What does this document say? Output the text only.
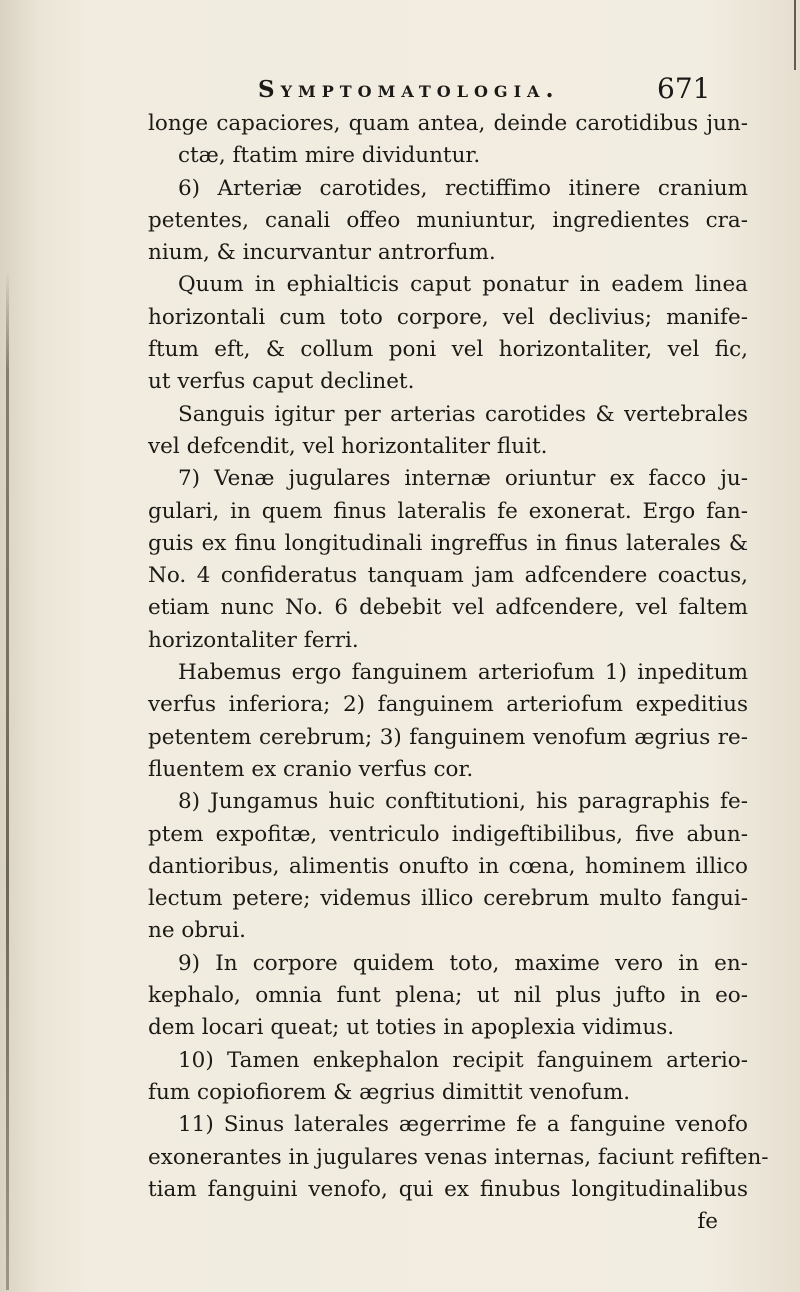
Symptomatologia.	671
longe capaciores, quam antea, deinde carotidibus jun-
ctæ, ftatim mire dividuntur.
6) Arteriæ carotides, rectiffimo itinere cranium
petentes, canali offeo muniuntur, ingredientes cra-
nium, & incurvantur antrorfum.
Quum in ephialticis caput ponatur in eadem linea
horizontali cum toto corpore, vel declivius; manife-
ftum eft, & collum poni vel horizontaliter, vel fic,
ut verfus caput declinet.
Sanguis igitur per arterias carotides & vertebrales
vel defcendit, vel horizontaliter fluit.
7) Venæ jugulares internæ oriuntur ex facco ju-
gulari, in quem finus lateralis fe exonerat. Ergo fan-
guis ex finu longitudinali ingreffus in finus laterales &
No. 4 confideratus tanquam jam adfcendere coactus,
etiam nunc No. 6 debebit vel adfcendere, vel faltem
horizontaliter ferri.
Habemus ergo fanguinem arteriofum 1) inpeditum
verfus inferiora; 2) fanguinem arteriofum expeditius
petentem cerebrum; 3) fanguinem venofum ægrius re-
fluentem ex cranio verfus cor.
8) Jungamus huic conftitutioni, his paragraphis fe-
ptem expofitæ, ventriculo indigeftibilibus, five abun-
dantioribus, alimentis onufto in cœna, hominem illico
lectum petere; videmus illico cerebrum multo fangui-
ne obrui.
9) In corpore quidem toto, maxime vero in en-
kephalo, omnia funt plena; ut nil plus jufto in eo-
dem locari queat; ut toties in apoplexia vidimus.
10) Tamen enkephalon recipit fanguinem arterio-
fum copiofiorem & ægrius dimittit venofum.
11) Sinus laterales ægerrime fe a fanguine venofo
exonerantes in jugulares venas internas, faciunt refiften-
tiam fanguini venofo, qui ex finubus longitudinalibus
fe
